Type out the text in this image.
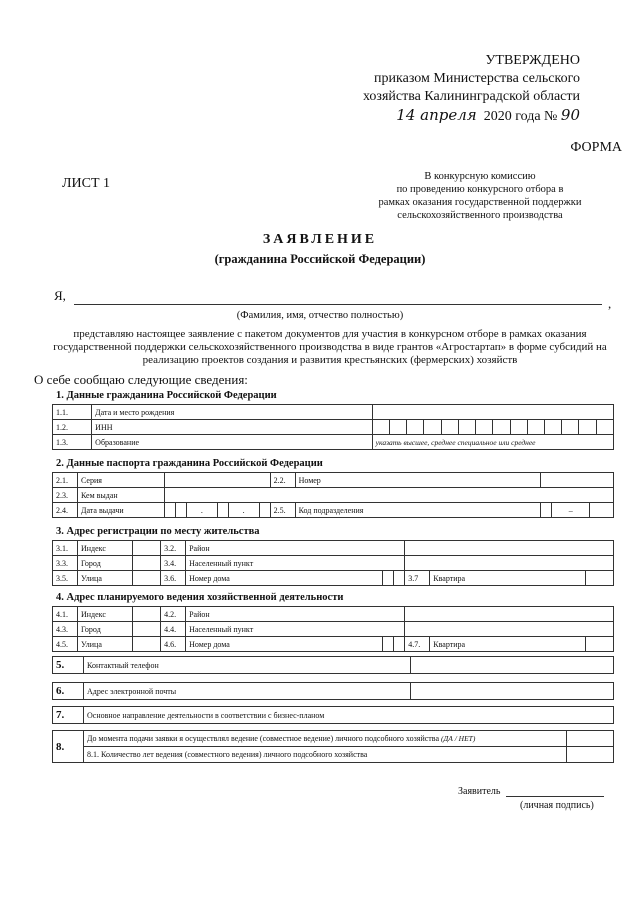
УТВЕРЖДЕНО
приказом Министерства сельского
хозяйства Калининградской области
14 апреля 2020 года № 90
ФОРМА
ЛИСТ 1	В конкурсную комиссию
по проведению конкурсного отбора в
рамках оказания государственной поддержки
сельскохозяйственного производства
ЗАЯВЛЕНИЕ
(гражданина Российской Федерации)
Я,
,
(Фамилия, имя, отчество полностью)
представляю настоящее заявление с пакетом документов для участия в конкурсном отборе в рамках оказания государственной поддержки сельскохозяйственного производства в виде грантов «Агростартап» в форме субсидий на реализацию проектов создания и развития крестьянских (фермерских) хозяйств
О себе сообщаю следующие сведения:
1. Данные гражданина Российской Федерации
1.1.	Дата и место рождения														
1.2.	ИНН														
1.3.	Образование	указать высшее, среднее специальное или среднее													
2. Данные паспорта гражданина Российской Федерации
2.1.	Серия							2.2.	Номер			
2.3.	Кем выдан											
2.4.	Дата выдачи			.		.		2.5.	Код подразделения		–	
3. Адрес регистрации по месту жительства
3.1.	Индекс		3.2.	Район					
3.3.	Город		3.4.	Населенный пункт					
3.5.	Улица		3.6.	Номер дома			3.7	Квартира	
4. Адрес планируемого ведения хозяйственной деятельности
4.1.	Индекс		4.2.	Район					
4.3.	Город		4.4.	Населенный пункт					
4.5.	Улица		4.6.	Номер дома			4.7.	Квартира	
5.	Контактный телефон	
6.	Адрес электронной почты	
7.	Основное направление деятельности в соответствии с бизнес-планом
8.	До момента подачи заявки я осуществлял ведение (совместное ведение) личного подсобного хозяйства (ДА / НЕТ)	
	8.1. Количество лет ведения (совместного ведения) личного подсобного хозяйства	
Заявитель
(личная подпись)
